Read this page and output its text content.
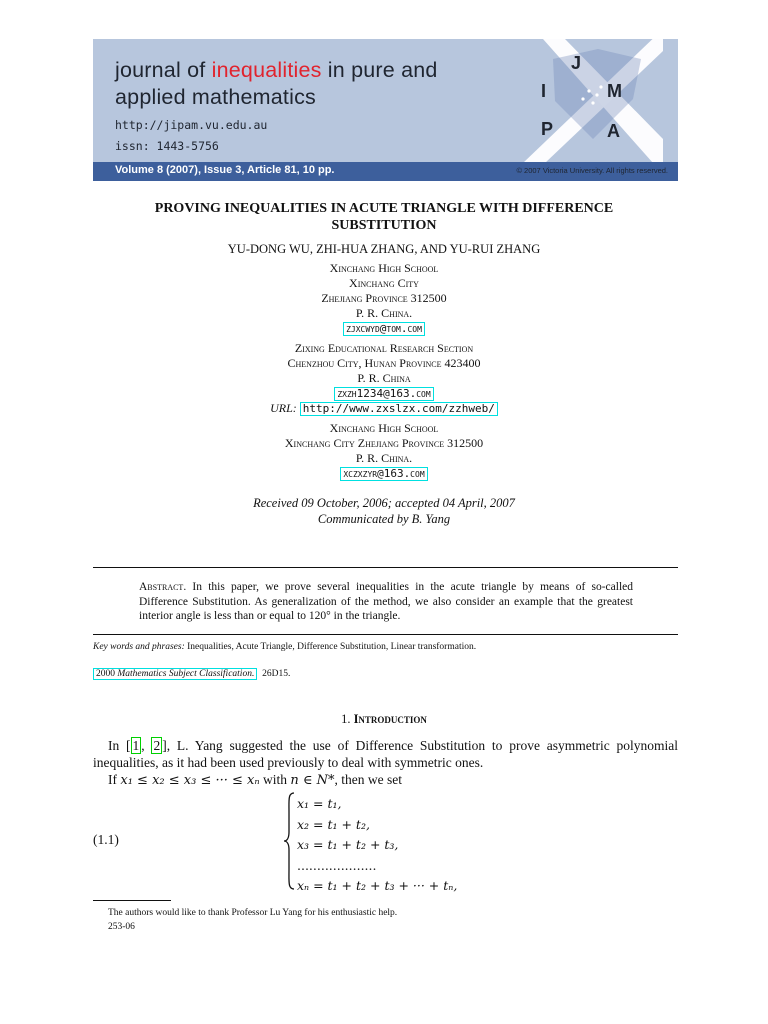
journal of inequalities in pure and
applied mathematics
http://jipam.vu.edu.au
issn: 1443-5756
J
I	M
P	A
Volume 8 (2007), Issue 3, Article 81, 10 pp.	© 2007 Victoria University. All rights reserved.
PROVING INEQUALITIES IN ACUTE TRIANGLE WITH DIFFERENCE
SUBSTITUTION
YU-DONG WU, ZHI-HUA ZHANG, AND YU-RUI ZHANG
Xinchang High School
Xinchang City
Zhejiang Province 312500
P. R. China.
zjxcwyd@tom.com
Zixing Educational Research Section
Chenzhou City, Hunan Province 423400
P. R. China
zxzh1234@163.com
URL: http://www.zxslzx.com/zzhweb/
Xinchang High School
Xinchang City Zhejiang Province 312500
P. R. China.
xczxzyr@163.com
Received 09 October, 2006; accepted 04 April, 2007
Communicated by B. Yang
Abstract. In this paper, we prove several inequalities in the acute triangle by means of so-called Difference Substitution. As generalization of the method, we also consider an example that the greatest interior angle is less than or equal to 120° in the triangle.
Key words and phrases: Inequalities, Acute Triangle, Difference Substitution, Linear transformation.
2000 Mathematics Subject Classification. 26D15.
1. Introduction
In [ 1 , 2 ], L. Yang suggested the use of Difference Substitution to prove asymmetric polynomial inequalities, as it had been used previously to deal with symmetric ones.
If x₁ ≤ x₂ ≤ x₃ ≤ ··· ≤ xₙ with n ∈ N*, then we set
(1.1)
x₁ = t₁,
x₂ = t₁ + t₂,
x₃ = t₁ + t₂ + t₃,
....................
xₙ = t₁ + t₂ + t₃ + ··· + tₙ,
The authors would like to thank Professor Lu Yang for his enthusiastic help.
253-06
